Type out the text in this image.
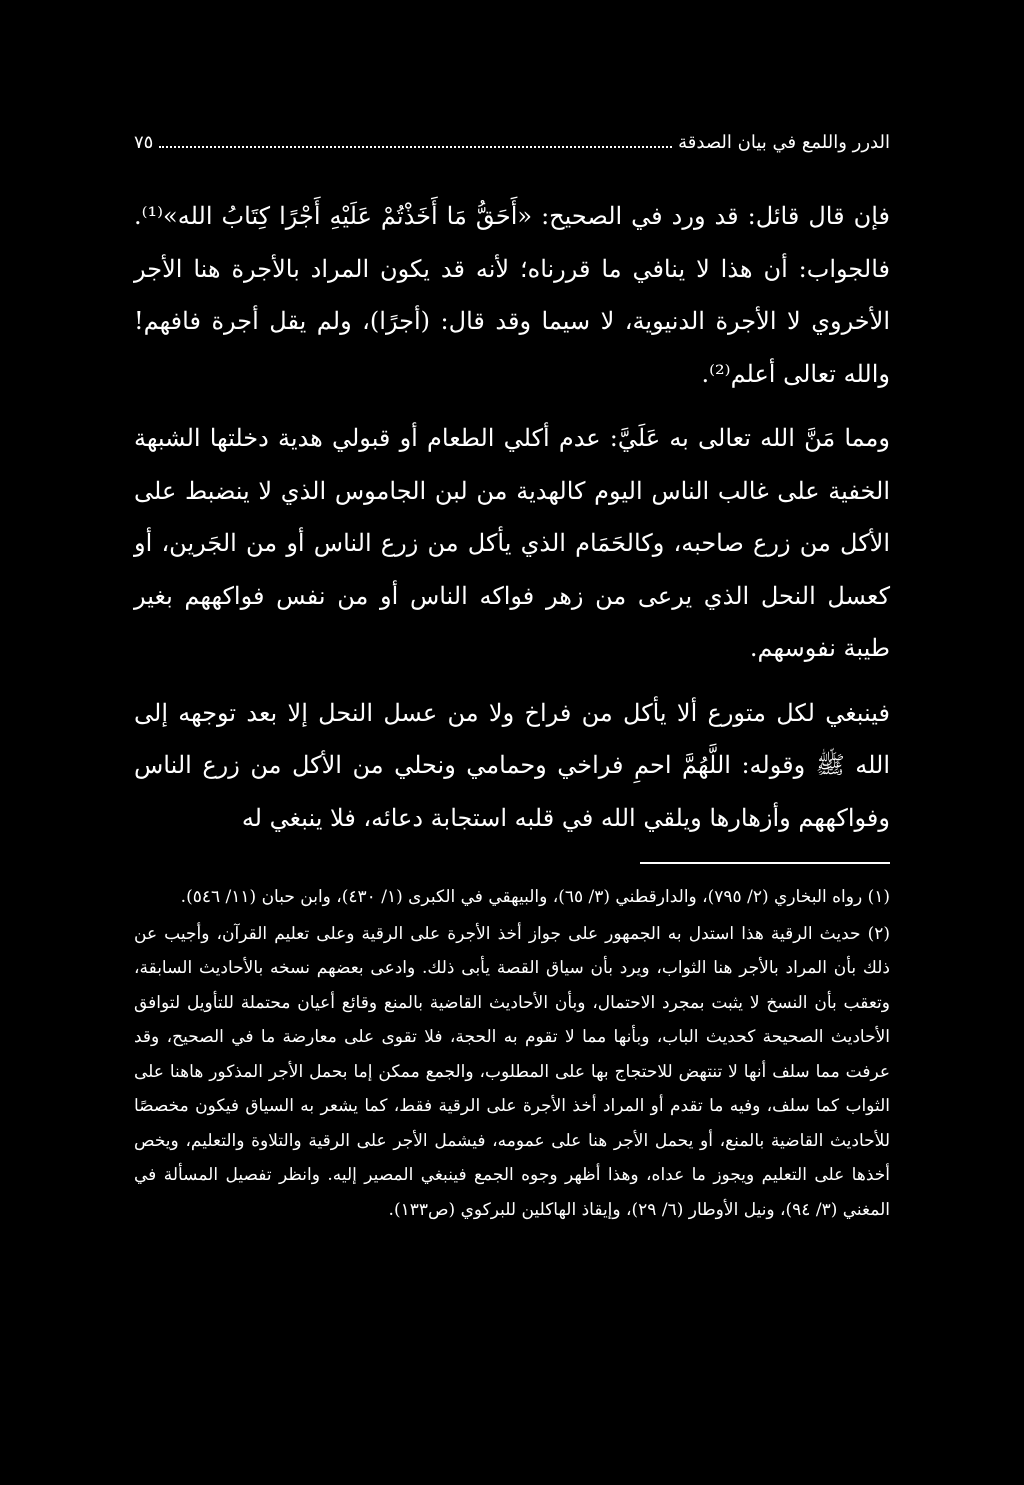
الدرر واللمع في بيان الصدقة
٧٥

فإن قال قائل: قد ورد في الصحيح: «أَحَقُّ مَا أَخَذْتُمْ عَلَيْهِ أَجْرًا كِتَابُ الله»⁽¹⁾. فالجواب: أن هذا لا ينافي ما قررناه؛ لأنه قد يكون المراد بالأجرة هنا الأجر الأخروي لا الأجرة الدنيوية، لا سيما وقد قال: (أجرًا)، ولم يقل أجرة فافهم! والله تعالى أعلم⁽²⁾.

ومما مَنَّ الله تعالى به عَلَيَّ: عدم أكلي الطعام أو قبولي هدية دخلتها الشبهة الخفية على غالب الناس اليوم كالهدية من لبن الجاموس الذي لا ينضبط على الأكل من زرع صاحبه، وكالحَمَام الذي يأكل من زرع الناس أو من الجَرين، أو كعسل النحل الذي يرعى من زهر فواكه الناس أو من نفس فواكههم بغير طيبة نفوسهم.

فينبغي لكل متورع ألا يأكل من فراخ ولا من عسل النحل إلا بعد توجهه إلى الله ﷺ وقوله: اللَّهُمَّ احمِ فراخي وحمامي ونحلي من الأكل من زرع الناس وفواكههم وأزهارها ويلقي الله في قلبه استجابة دعائه، فلا ينبغي له

(١) رواه البخاري (٢/ ٧٩٥)، والدارقطني (٣/ ٦٥)، والبيهقي في الكبرى (١/ ٤٣٠)، وابن حبان (١١/ ٥٤٦).

(٢) حديث الرقية هذا استدل به الجمهور على جواز أخذ الأجرة على الرقية وعلى تعليم القرآن، وأجيب عن ذلك بأن المراد بالأجر هنا الثواب، ويرد بأن سياق القصة يأبى ذلك. وادعى بعضهم نسخه بالأحاديث السابقة، وتعقب بأن النسخ لا يثبت بمجرد الاحتمال، وبأن الأحاديث القاضية بالمنع وقائع أعيان محتملة للتأويل لتوافق الأحاديث الصحيحة كحديث الباب، وبأنها مما لا تقوم به الحجة، فلا تقوى على معارضة ما في الصحيح، وقد عرفت مما سلف أنها لا تنتهض للاحتجاج بها على المطلوب، والجمع ممكن إما بحمل الأجر المذكور هاهنا على الثواب كما سلف، وفيه ما تقدم أو المراد أخذ الأجرة على الرقية فقط، كما يشعر به السياق فيكون مخصصًا للأحاديث القاضية بالمنع، أو يحمل الأجر هنا على عمومه، فيشمل الأجر على الرقية والتلاوة والتعليم، ويخص أخذها على التعليم ويجوز ما عداه، وهذا أظهر وجوه الجمع فينبغي المصير إليه. وانظر تفصيل المسألة في المغني (٣/ ٩٤)، ونيل الأوطار (٦/ ٢٩)، وإيقاذ الهاكلين للبركوي (ص١٣٣).
